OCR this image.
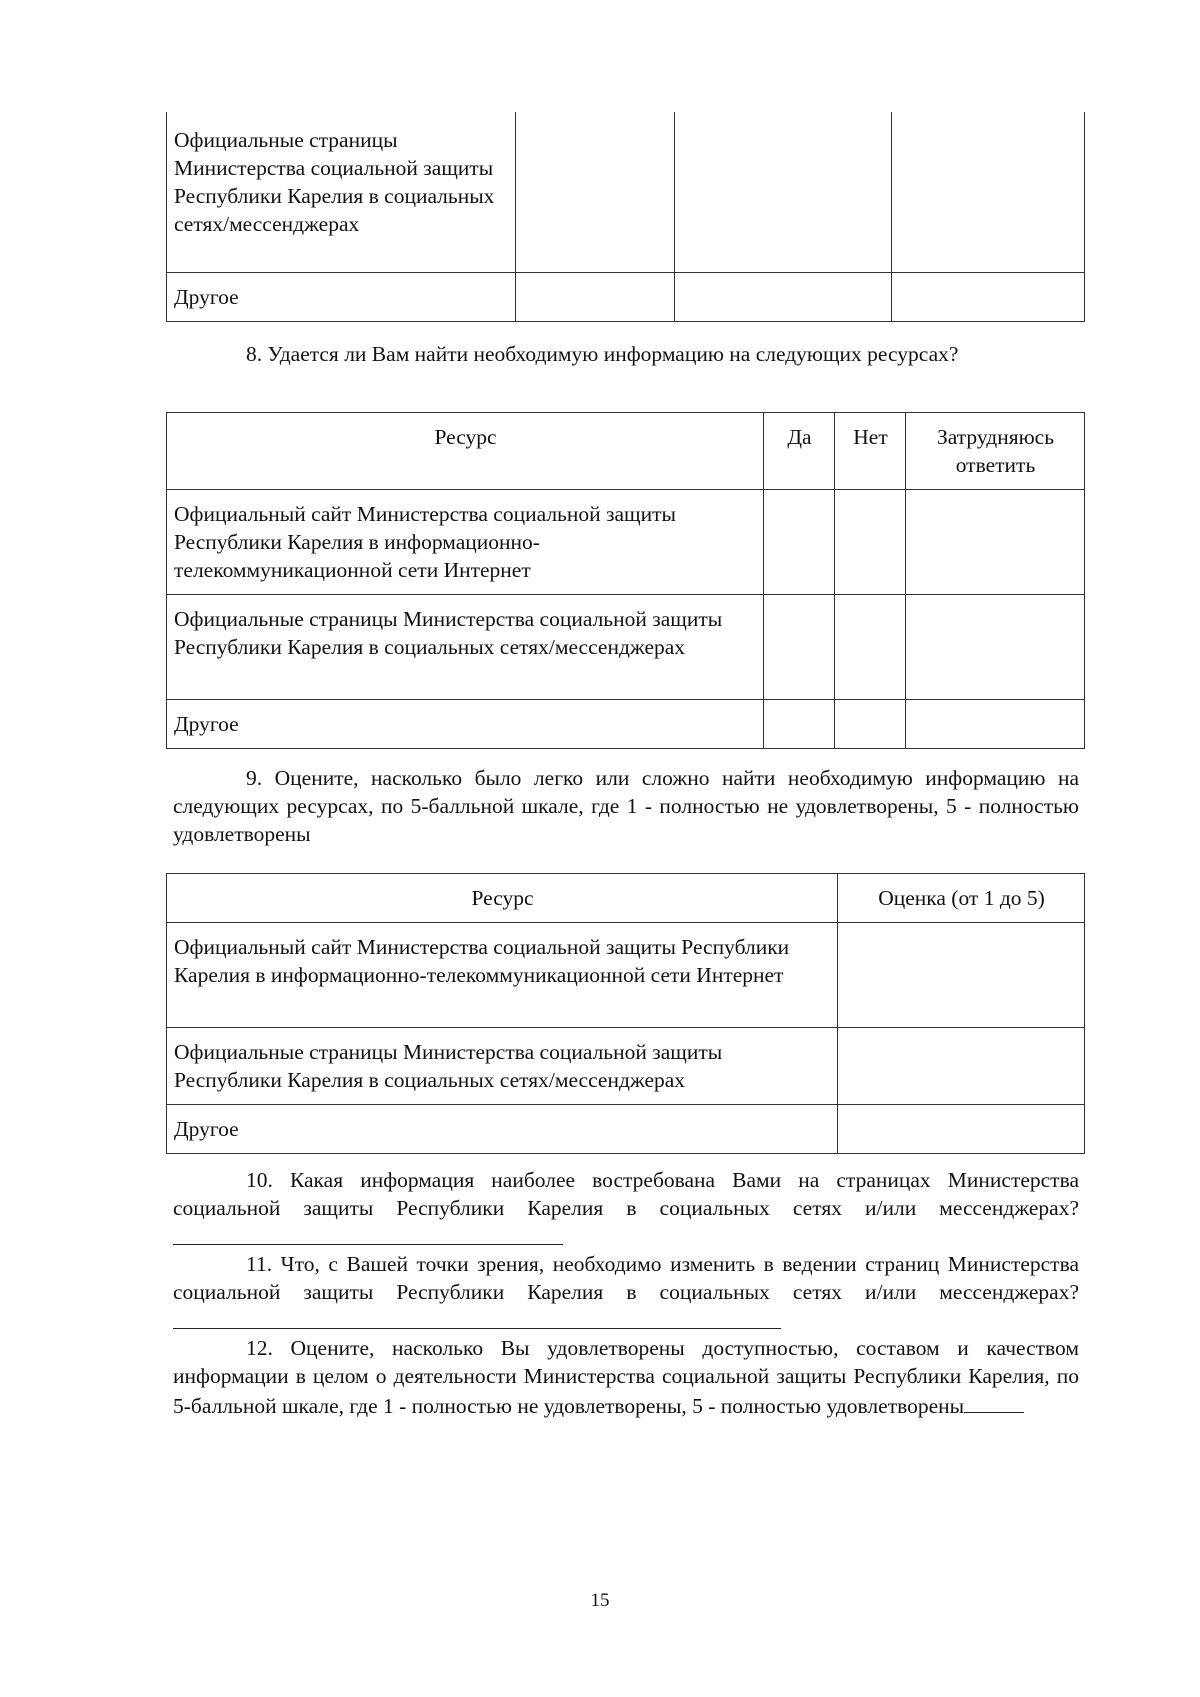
Официальные страницы Министерства социальной защиты Республики Карелия в социальных сетях/мессенджерах			
Другое			
8. Удается ли Вам найти необходимую информацию на следующих ресурсах?
Ресурс	Да	Нет	Затрудняюсь ответить
Официальный сайт Министерства социальной защиты Республики Карелия в информационно-телекоммуникационной сети Интернет			
Официальные страницы Министерства социальной защиты Республики Карелия в социальных сетях/мессенджерах			
Другое			
9. Оцените, насколько было легко или сложно найти необходимую информацию на следующих ресурсах, по 5-балльной шкале, где 1 - полностью не удовлетворены, 5 - полностью удовлетворены
Ресурс	Оценка (от 1 до 5)
Официальный сайт Министерства социальной защиты Республики Карелия в информационно-телекоммуникационной сети Интернет	
Официальные страницы Министерства социальной защиты Республики Карелия в социальных сетях/мессенджерах	
Другое	
10. Какая информация наиболее востребована Вами на страницах Министерства социальной защиты Республики Карелия в социальных сетях и/или мессенджерах?
11. Что, с Вашей точки зрения, необходимо изменить в ведении страниц Министерства социальной защиты Республики Карелия в социальных сетях и/или мессенджерах?
12. Оцените, насколько Вы удовлетворены доступностью, составом и качеством информации в целом о деятельности Министерства социальной защиты Республики Карелия, по 5-балльной шкале, где 1 - полностью не удовлетворены, 5 - полностью удовлетворены
15
